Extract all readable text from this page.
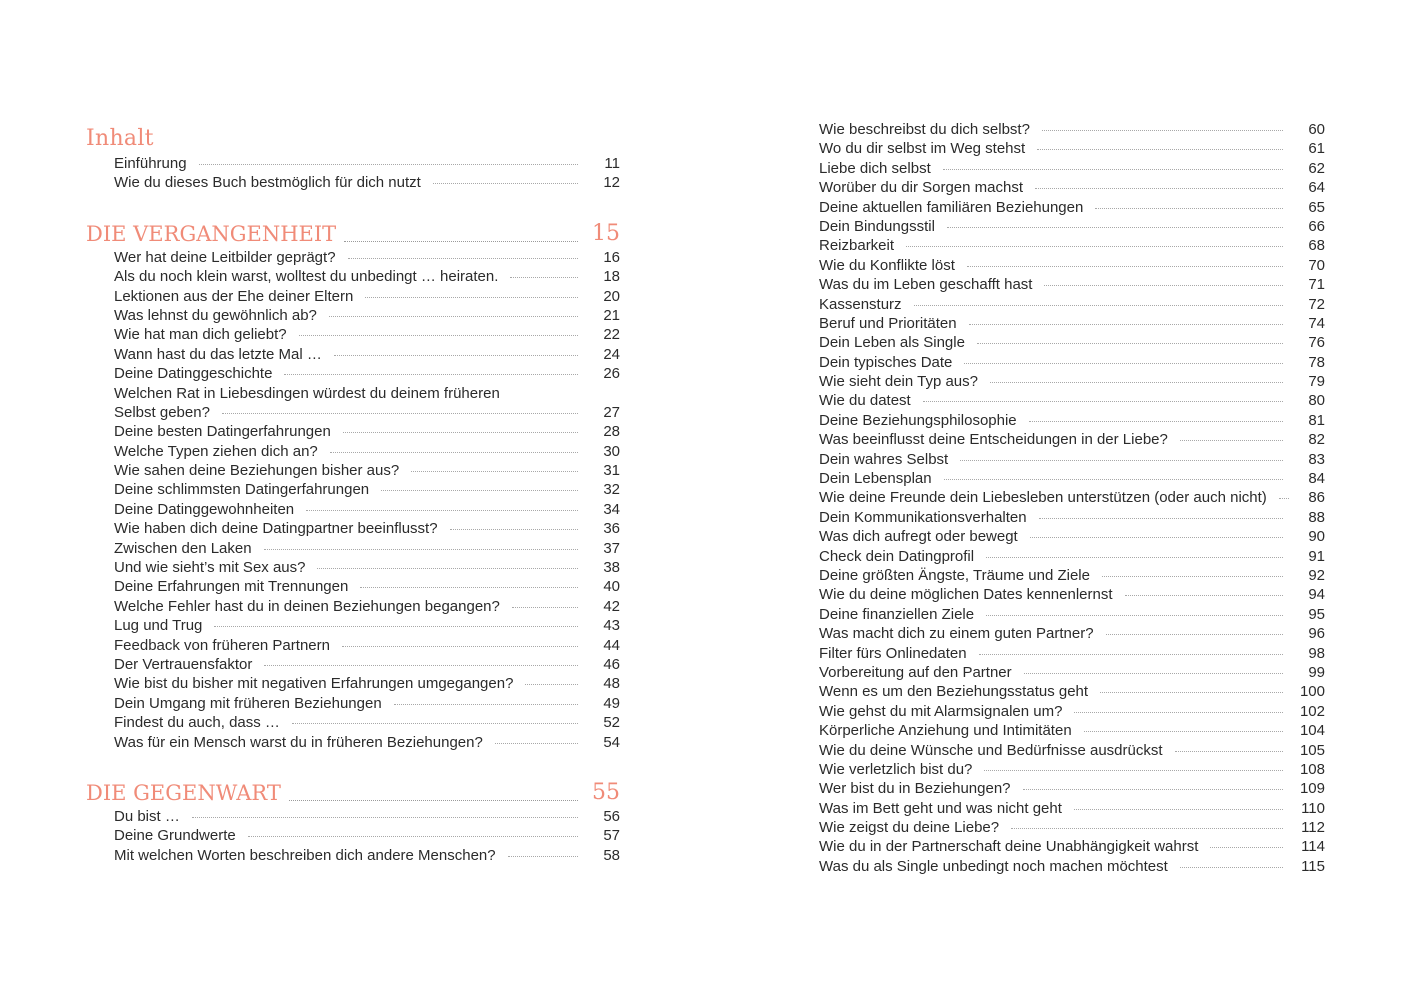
Inhalt
Einführung	11
Wie du dieses Buch bestmöglich für dich nutzt	12
DIE VERGANGENHEIT	15
Wer hat deine Leitbilder geprägt?	16
Als du noch klein warst, wolltest du unbedingt … heiraten.	18
Lektionen aus der Ehe deiner Eltern	20
Was lehnst du gewöhnlich ab?	21
Wie hat man dich geliebt?	22
Wann hast du das letzte Mal …	24
Deine Datinggeschichte	26
Welchen Rat in Liebesdingen würdest du deinem früheren
Selbst geben?	27
Deine besten Datingerfahrungen	28
Welche Typen ziehen dich an?	30
Wie sahen deine Beziehungen bisher aus?	31
Deine schlimmsten Datingerfahrungen	32
Deine Datinggewohnheiten	34
Wie haben dich deine Datingpartner beeinflusst?	36
Zwischen den Laken	37
Und wie sieht’s mit Sex aus?	38
Deine Erfahrungen mit Trennungen	40
Welche Fehler hast du in deinen Beziehungen begangen?	42
Lug und Trug	43
Feedback von früheren Partnern	44
Der Vertrauensfaktor	46
Wie bist du bisher mit negativen Erfahrungen umgegangen?	48
Dein Umgang mit früheren Beziehungen	49
Findest du auch, dass …	52
Was für ein Mensch warst du in früheren Beziehungen?	54
DIE GEGENWART	55
Du bist …	56
Deine Grundwerte	57
Mit welchen Worten beschreiben dich andere Menschen?	58
Wie beschreibst du dich selbst?	60
Wo du dir selbst im Weg stehst	61
Liebe dich selbst	62
Worüber du dir Sorgen machst	64
Deine aktuellen familiären Beziehungen	65
Dein Bindungsstil	66
Reizbarkeit	68
Wie du Konflikte löst	70
Was du im Leben geschafft hast	71
Kassensturz	72
Beruf und Prioritäten	74
Dein Leben als Single	76
Dein typisches Date	78
Wie sieht dein Typ aus?	79
Wie du datest	80
Deine Beziehungsphilosophie	81
Was beeinflusst deine Entscheidungen in der Liebe?	82
Dein wahres Selbst	83
Dein Lebensplan	84
Wie deine Freunde dein Liebesleben unterstützen (oder auch nicht)	86
Dein Kommunikationsverhalten	88
Was dich aufregt oder bewegt	90
Check dein Datingprofil	91
Deine größten Ängste, Träume und Ziele	92
Wie du deine möglichen Dates kennenlernst	94
Deine finanziellen Ziele	95
Was macht dich zu einem guten Partner?	96
Filter fürs Onlinedaten	98
Vorbereitung auf den Partner	99
Wenn es um den Beziehungsstatus geht	100
Wie gehst du mit Alarmsignalen um?	102
Körperliche Anziehung und Intimitäten	104
Wie du deine Wünsche und Bedürfnisse ausdrückst	105
Wie verletzlich bist du?	108
Wer bist du in Beziehungen?	109
Was im Bett geht und was nicht geht	110
Wie zeigst du deine Liebe?	112
Wie du in der Partnerschaft deine Unabhängigkeit wahrst	114
Was du als Single unbedingt noch machen möchtest	115
